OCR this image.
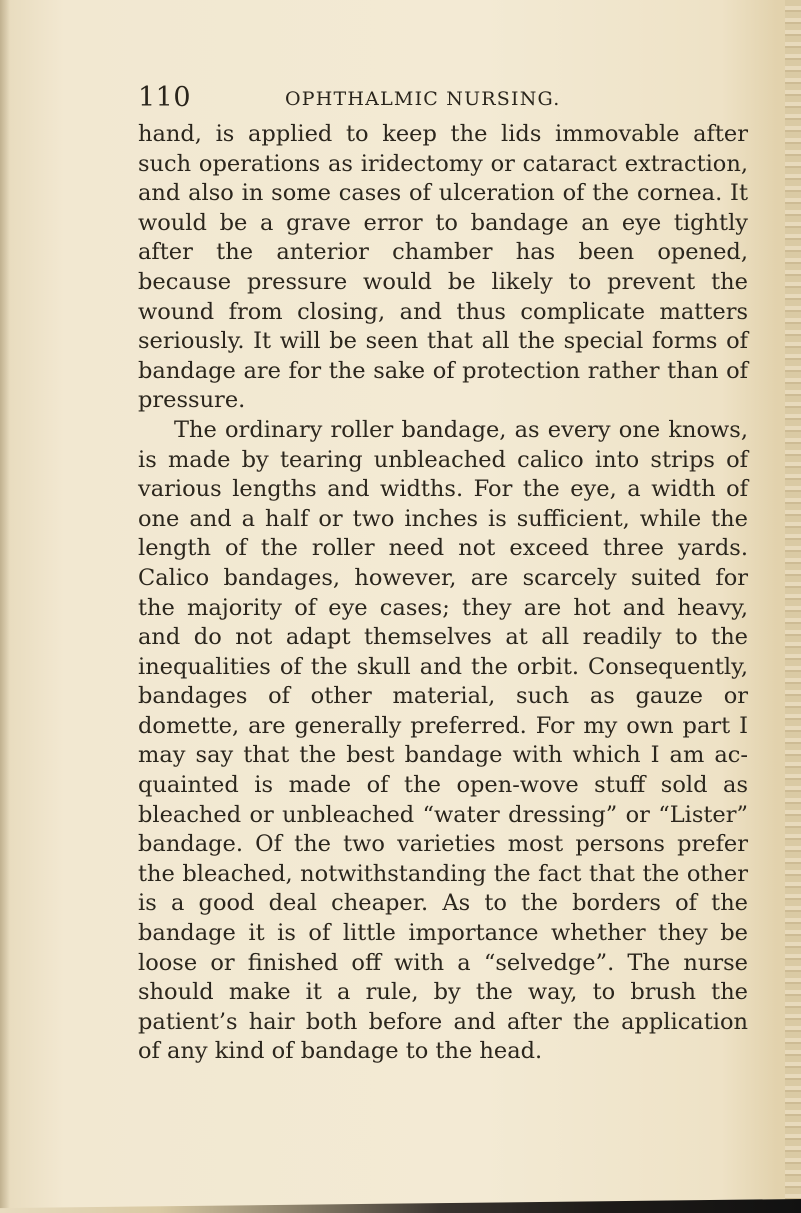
110	OPHTHALMIC NURSING.

hand, is applied to keep the lids immovable after such operations as iridectomy or cataract extraction, and also in some cases of ulceration of the cornea. It would be a grave error to bandage an eye tightly after the anterior chamber has been opened, because pressure would be likely to prevent the wound from closing, and thus complicate matters seriously. It will be seen that all the special forms of bandage are for the sake of protection rather than of pressure.

The ordinary roller bandage, as every one knows, is made by tearing unbleached calico into strips of various lengths and widths. For the eye, a width of one and a half or two inches is sufficient, while the length of the roller need not exceed three yards. Calico bandages, however, are scarcely suited for the majority of eye cases; they are hot and heavy, and do not adapt themselves at all readily to the inequalities of the skull and the orbit. Consequently, bandages of other material, such as gauze or domette, are generally preferred. For my own part I may say that the best bandage with which I am acquainted is made of the open-wove stuff sold as bleached or unbleached “water dressing” or “Lister” bandage. Of the two varieties most persons prefer the bleached, notwithstanding the fact that the other is a good deal cheaper. As to the borders of the bandage it is of little importance whether they be loose or finished off with a “selvedge”. The nurse should make it a rule, by the way, to brush the patient’s hair both before and after the application of any kind of bandage to the head.
